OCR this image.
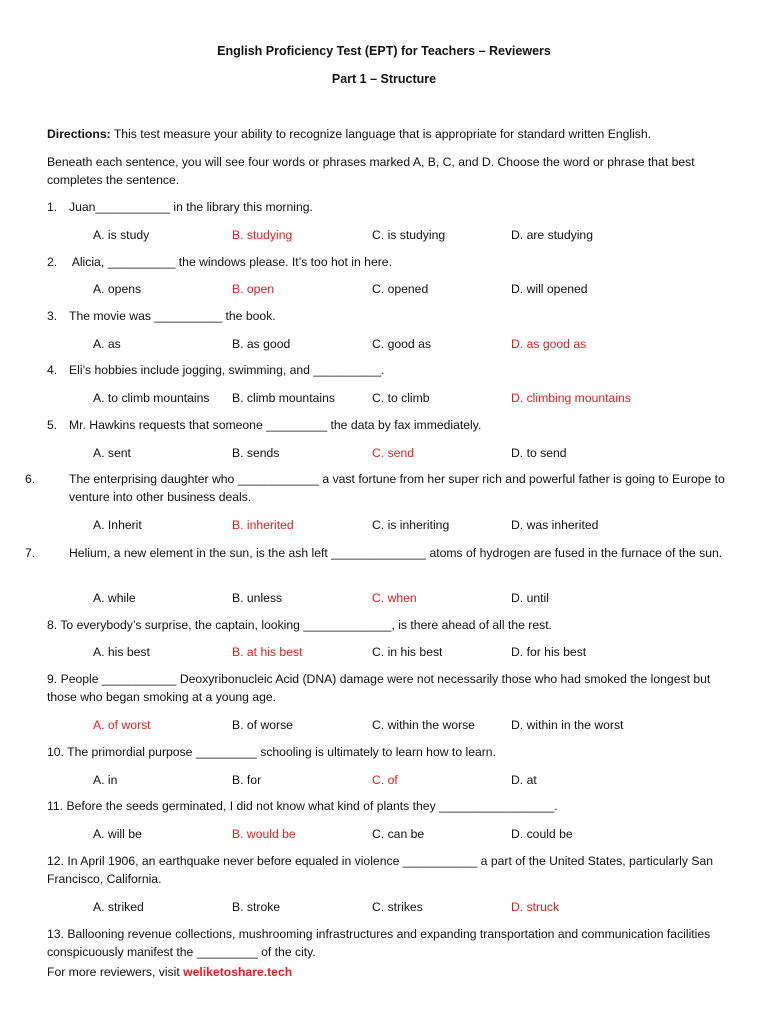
English Proficiency Test (EPT) for Teachers – Reviewers
Part 1 – Structure
Directions: This test measure your ability to recognize language that is appropriate for standard written English.
Beneath each sentence, you will see four words or phrases marked A, B, C, and D. Choose the word or phrase that best completes the sentence.
1. Juan___________ in the library this morning.
A. is study	B. studying	C. is studying	D. are studying
2. Alicia, __________ the windows please. It’s too hot in here.
A. opens	B. open	C. opened	D. will opened
3. The movie was __________ the book.
A. as	B. as good	C. good as	D. as good as
4. Eli’s hobbies include jogging, swimming, and __________.
A. to climb mountains B. climb mountains	C. to climb	D. climbing mountains
5. Mr. Hawkins requests that someone _________ the data by fax immediately.
A. sent	B. sends	C. send	D. to send
6.	The enterprising daughter who ____________ a vast fortune from her super rich and powerful father is going to Europe to venture into other business deals.
A. Inherit	B. inherited	C. is inheriting	D. was inherited
7.	Helium, a new element in the sun, is the ash left ______________ atoms of hydrogen are fused in the furnace of the sun.
A. while	B. unless	C. when	D. until
8. To everybody’s surprise, the captain, looking _____________, is there ahead of all the rest.
A. his best	B. at his best	C. in his best	D. for his best
9. People ___________ Deoxyribonucleic Acid (DNA) damage were not necessarily those who had smoked the longest but those who began smoking at a young age.
A. of worst	B. of worse	C. within the worse	D. within in the worst
10. The primordial purpose _________ schooling is ultimately to learn how to learn.
A. in	B. for	C. of	D. at
11. Before the seeds germinated, I did not know what kind of plants they _________________.
A. will be	B. would be	C. can be	D. could be
12. In April 1906, an earthquake never before equaled in violence ___________ a part of the United States, particularly San Francisco, California.
A. striked	B. stroke	C. strikes	D. struck
13. Ballooning revenue collections, mushrooming infrastructures and expanding transportation and communication facilities conspicuously manifest the _________ of the city.
For more reviewers, visit weliketoshare.tech
